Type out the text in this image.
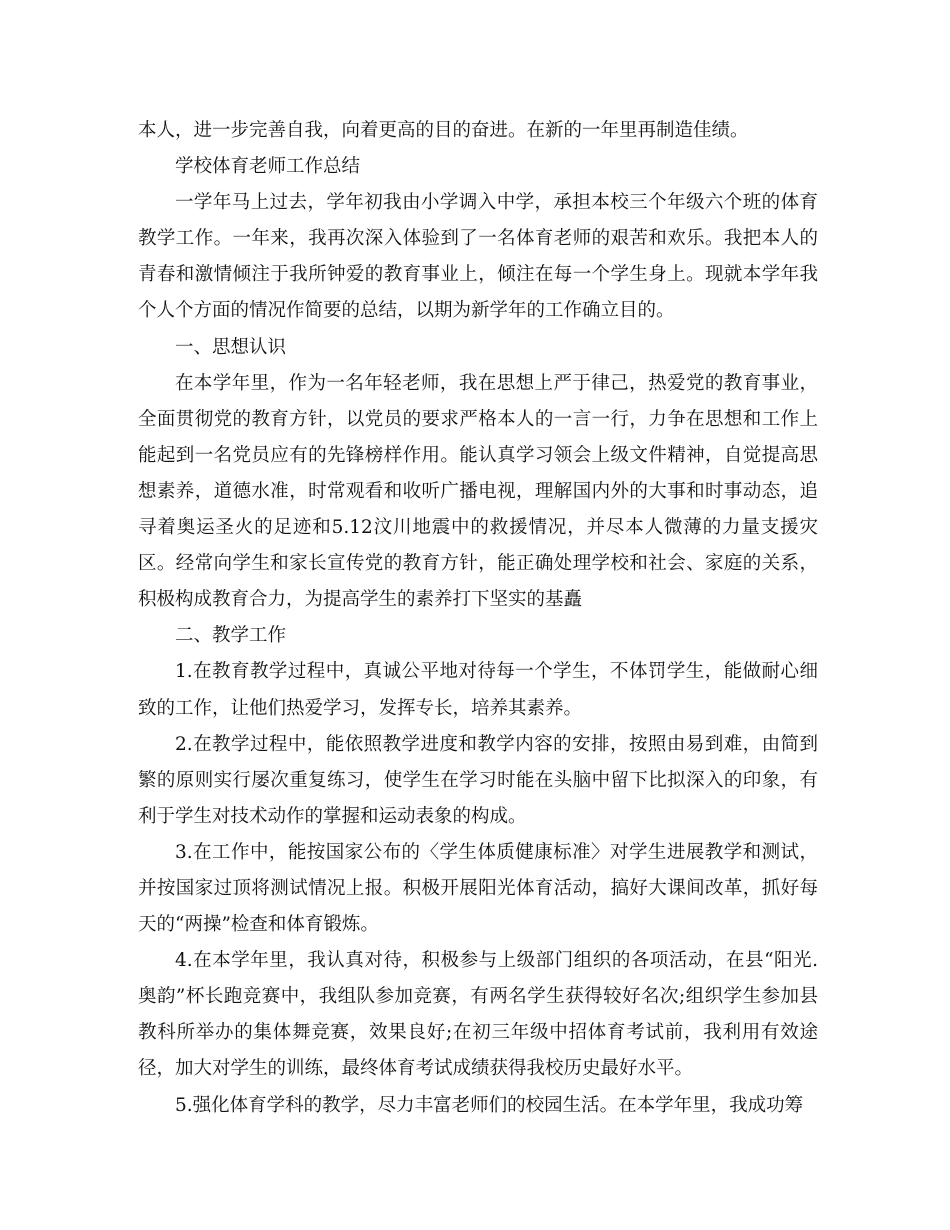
本人，进一步完善自我，向着更高的目的奋进。在新的一年里再制造佳绩。

学校体育老师工作总结

一学年马上过去，学年初我由小学调入中学，承担本校三个年级六个班的体育教学工作。一年来，我再次深入体验到了一名体育老师的艰苦和欢乐。我把本人的青春和激情倾注于我所钟爱的教育事业上，倾注在每一个学生身上。现就本学年我个人个方面的情况作简要的总结，以期为新学年的工作确立目的。

一、思想认识

在本学年里，作为一名年轻老师，我在思想上严于律己，热爱党的教育事业，全面贯彻党的教育方针，以党员的要求严格本人的一言一行，力争在思想和工作上能起到一名党员应有的先锋榜样作用。能认真学习领会上级文件精神，自觉提高思想素养，道德水准，时常观看和收听广播电视，理解国内外的大事和时事动态，追寻着奥运圣火的足迹和5.12汶川地震中的救援情况，并尽本人微薄的力量支援灾区。经常向学生和家长宣传党的教育方针，能正确处理学校和社会、家庭的关系，积极构成教育合力，为提高学生的素养打下坚实的基矗

二、教学工作

1.在教育教学过程中，真诚公平地对待每一个学生，不体罚学生，能做耐心细致的工作，让他们热爱学习，发挥专长，培养其素养。

2.在教学过程中，能依照教学进度和教学内容的安排，按照由易到难，由简到繁的原则实行屡次重复练习，使学生在学习时能在头脑中留下比拟深入的印象，有利于学生对技术动作的掌握和运动表象的构成。

3.在工作中，能按国家公布的〈学生体质健康标准〉对学生进展教学和测试，并按国家过顶将测试情况上报。积极开展阳光体育活动，搞好大课间改革，抓好每天的“两操”检查和体育锻炼。

4.在本学年里，我认真对待，积极参与上级部门组织的各项活动，在县“阳光.奥韵”杯长跑竞赛中，我组队参加竞赛，有两名学生获得较好名次;组织学生参加县教科所举办的集体舞竞赛，效果良好;在初三年级中招体育考试前，我利用有效途径，加大对学生的训练，最终体育考试成绩获得我校历史最好水平。

5.强化体育学科的教学，尽力丰富老师们的校园生活。在本学年里，我成功筹
